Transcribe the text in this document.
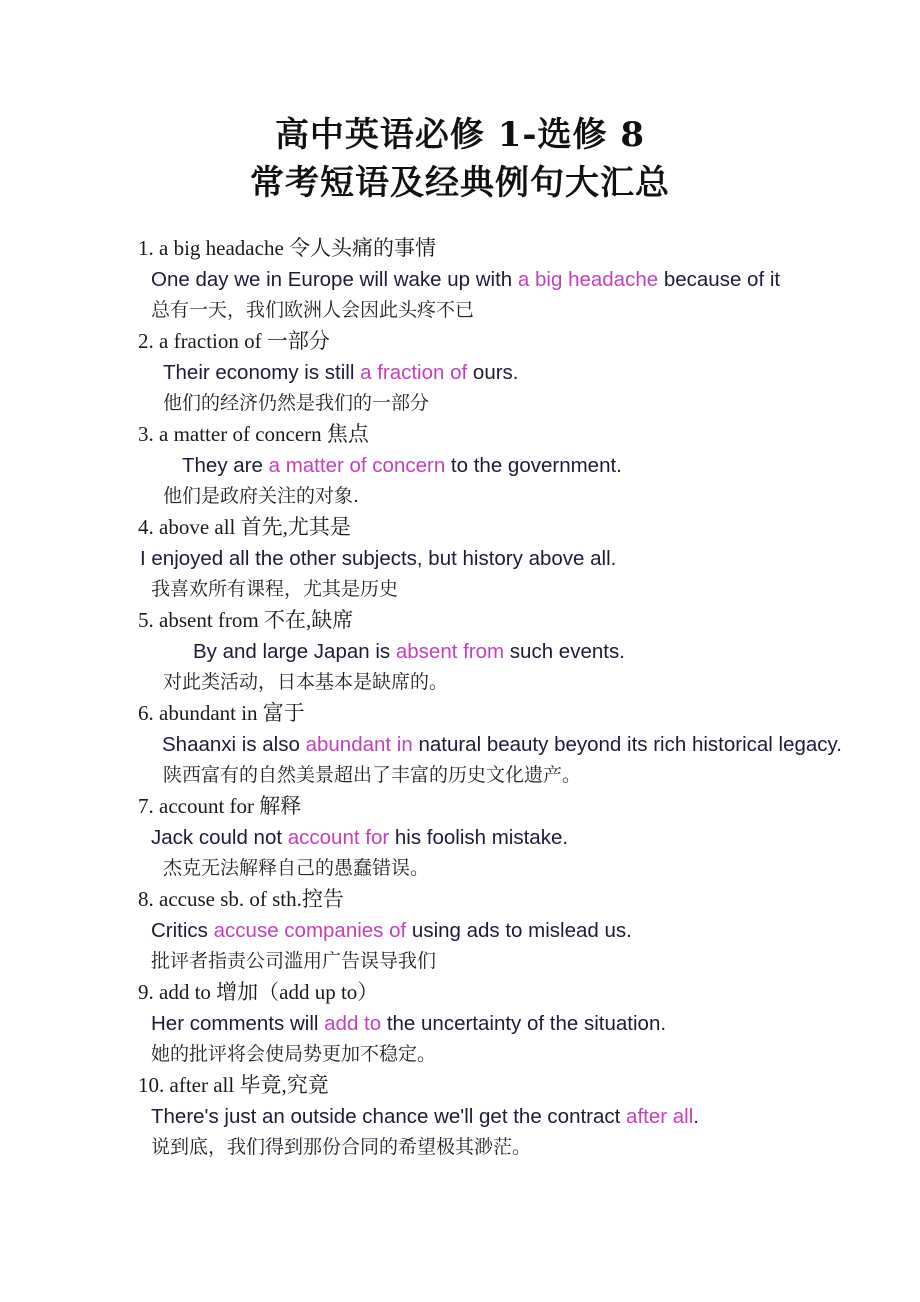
高中英语必修 1-选修 8
常考短语及经典例句大汇总
1. a big headache 令人头痛的事情
One day we in Europe will wake up with a big headache because of it
总有一天，我们欧洲人会因此头疼不已
2. a fraction of 一部分
Their economy is still a fraction of ours.
他们的经济仍然是我们的一部分
3. a matter of concern 焦点
They are a matter of concern to the government.
他们是政府关注的对象.
4. above all 首先,尤其是
I enjoyed all the other subjects, but history above all.
我喜欢所有课程，尤其是历史
5. absent from 不在,缺席
By and large Japan is absent from such events.
对此类活动，日本基本是缺席的。
6. abundant in 富于
Shaanxi is also abundant in natural beauty beyond its rich historical legacy.
陕西富有的自然美景超出了丰富的历史文化遗产。
7. account for 解释
Jack could not account for his foolish mistake.
杰克无法解释自己的愚蠢错误。
8. accuse sb. of sth.控告
Critics accuse companies of using ads to mislead us.
批评者指责公司滥用广告误导我们
9. add to 增加（add up to）
Her comments will add to the uncertainty of the situation.
她的批评将会使局势更加不稳定。
10. after all 毕竟,究竟
There's just an outside chance we'll get the contract after all.
说到底，我们得到那份合同的希望极其渺茫。
